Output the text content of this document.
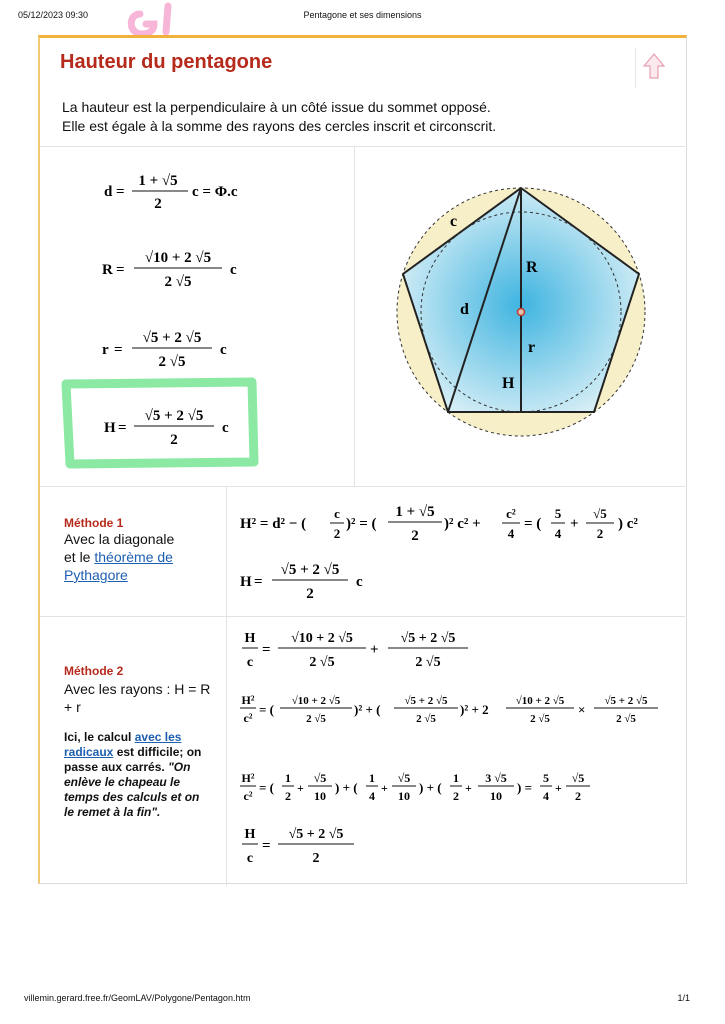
05/12/2023 09:30	Pentagone et ses dimensions
villemin.gerard.free.fr/GeomLAV/Polygone/Pentagon.htm	1/1
Hauteur du pentagone
La hauteur est la perpendiculaire à un côté issue du sommet opposé.
Elle est égale à la somme des rayons des cercles inscrit et circonscrit.
d =
1 + √5
2
c = Φ.c
R =
√10 + 2 √5
2 √5
c
r =
√5 + 2 √5
2 √5
c
H =
√5 + 2 √5
2
c
c
R
d
r
H
Méthode 1
Avec la diagonale
et le théorème de Pythagore
H² = d² − (
c
2
)² = (
1 + √5
2
)² c² +
c²
4
= (
5
4
+
√5
2
) c²
H =
√5 + 2 √5
2
c
Méthode 2
Avec les rayons : H = R + r
Ici, le calcul avec les radicaux est difficile; on passe aux carrés. "On enlève le chapeau le temps des calculs et on le remet à la fin".
H
c
=
√10 + 2 √5
2 √5
+
√5 + 2 √5
2 √5
H²
c²
= (
√10 + 2 √5
2 √5
)² + (
√5 + 2 √5
2 √5
)² + 2
√10 + 2 √5
2 √5
×
√5 + 2 √5
2 √5
H²
c²
= (
1
2
+
√5
10
) + (
1
4
+
√5
10
) + (
1
2
+
3 √5
10
) =
5
4
+
√5
2
H
c
=
√5 + 2 √5
2
